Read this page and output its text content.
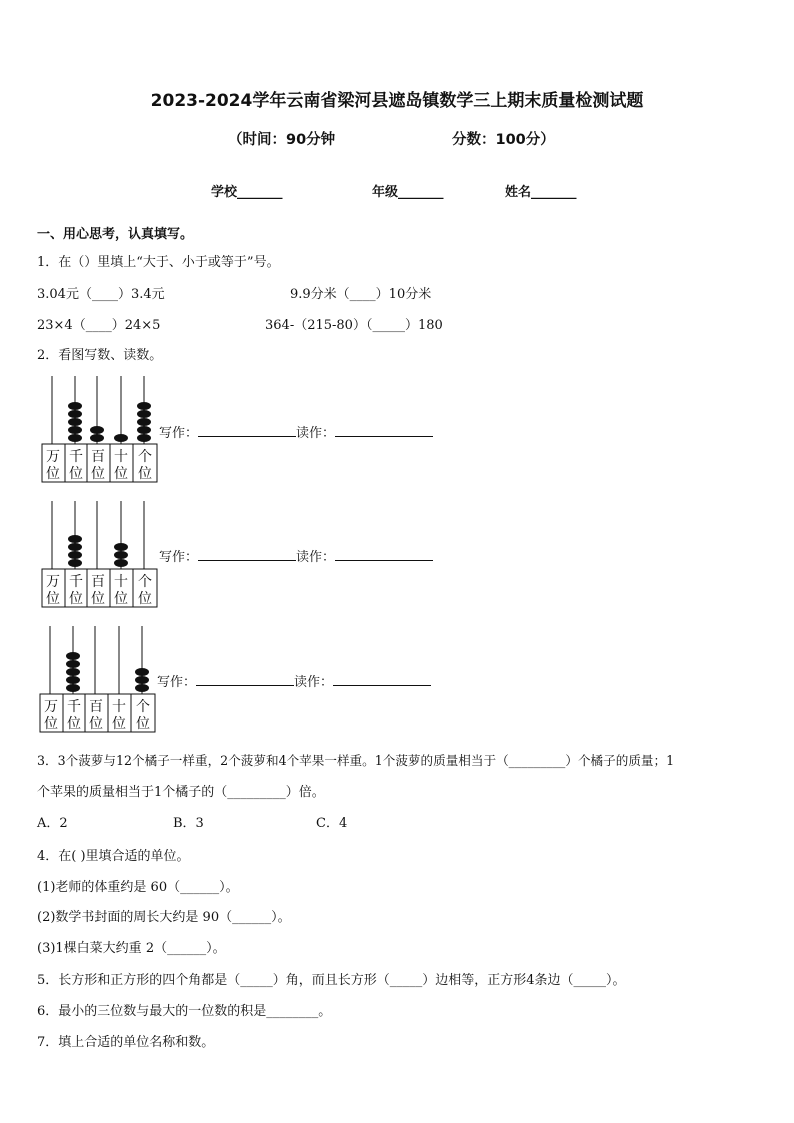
2023-2024学年云南省梁河县遮岛镇数学三上期末质量检测试题
（时间：90分钟	分数：100分）
学校_______	年级_______	姓名_______
一、用心思考，认真填写。
1．在（）里填上“大于、小于或等于”号。
3.04元（____）3.4元	9.9分米（____）10分米
23×4（____）24×5	364-（215-80）（_____）180
2．看图写数、读数。
万
位
千
位
百
位
十
位
个
位
写作：	读作：
万
位
千
位
百
位
十
位
个
位
写作：	读作：
万
位
千
位
百
位
十
位
个
位
写作：	读作：
3．3个菠萝与12个橘子一样重，2个菠萝和4个苹果一样重。1个菠萝的质量相当于（_________）个橘子的质量；1
个苹果的质量相当于1个橘子的（_________）倍。
A．2	B．3	C．4
4．在( )里填合适的单位。
(1)老师的体重约是 60（______）。
(2)数学书封面的周长大约是 90（______）。
(3)1棵白菜大约重 2（______）。
5．长方形和正方形的四个角都是（_____）角，而且长方形（_____）边相等，正方形4条边（_____）。
6．最小的三位数与最大的一位数的积是________。
7．填上合适的单位名称和数。
